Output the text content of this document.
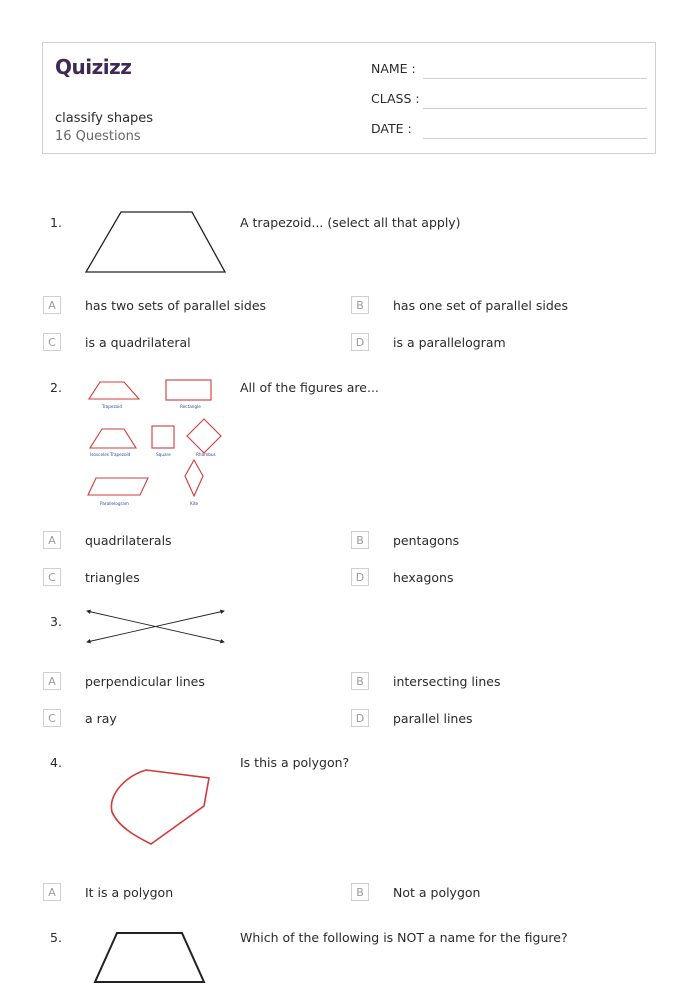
Quizizz
classify shapes
16 Questions
NAME :
CLASS :
DATE :
1.	A trapezoid... (select all that apply)
A	has two sets of parallel sides	B	has one set of parallel sides
C	is a quadrilateral	D	is a parallelogram
2.
Trapezoid	Rectangle
Isosceles Trapezoid	Square	Rhombus
Parallelogram	Kite
All of the figures are...
A	quadrilaterals	B	pentagons
C	triangles	D	hexagons
3.
A	perpendicular lines	B	intersecting lines
C	a ray	D	parallel lines
4.	Is this a polygon?
A	It is a polygon	B	Not a polygon
5.	Which of the following is NOT a name for the figure?
